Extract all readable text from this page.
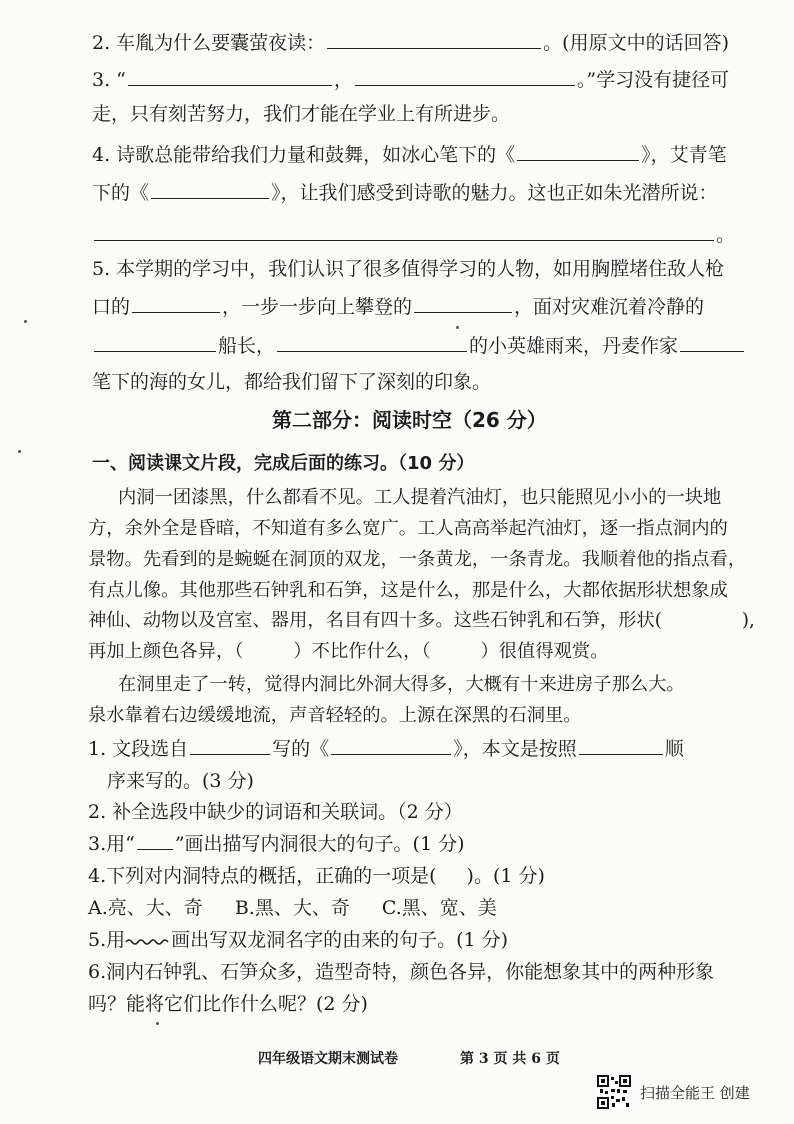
2. 车胤为什么要囊萤夜读：	。(用原文中的话回答)
3. “	，	。”学习没有捷径可
走，只有刻苦努力，我们才能在学业上有所进步。
4. 诗歌总能带给我们力量和鼓舞，如冰心笔下的《	》，艾青笔
下的《	》，让我们感受到诗歌的魅力。这也正如朱光潜所说：
。
5. 本学期的学习中，我们认识了很多值得学习的人物，如用胸膛堵住敌人枪
口的	，一步一步向上攀登的	，面对灾难沉着冷静的
船长，	的小英雄雨来，丹麦作家
笔下的海的女儿，都给我们留下了深刻的印象。
第二部分：阅读时空（26 分）
一、阅读课文片段，完成后面的练习。（10 分）
内洞一团漆黑，什么都看不见。工人提着汽油灯，也只能照见小小的一块地
方，余外全是昏暗，不知道有多么宽广。工人高高举起汽油灯，逐一指点洞内的
景物。先看到的是蜿蜒在洞顶的双龙，一条黄龙，一条青龙。我顺着他的指点看，
有点儿像。其他那些石钟乳和石笋，这是什么，那是什么，大都依据形状想象成
神仙、动物以及宫室、器用，名目有四十多。这些石钟乳和石笋，形状(	),
再加上颜色各异，（	）不比作什么，（	）很值得观赏。
在洞里走了一转，觉得内洞比外洞大得多，大概有十来进房子那么大。
泉水靠着右边缓缓地流，声音轻轻的。上源在深黑的石洞里。
1. 文段选自	写的《	》，本文是按照	顺
序来写的。(3 分)
2. 补全选段中缺少的词语和关联词。（2 分）
3.用“ ”画出描写内洞很大的句子。(1 分)
4.下列对内洞特点的概括，正确的一项是( )。(1 分)
A.亮、大、奇 B.黑、大、奇 C.黑、宽、美
5.用 画出写双龙洞名字的由来的句子。(1 分)
6.洞内石钟乳、石笋众多，造型奇特，颜色各异，你能想象其中的两种形象
吗？能将它们比作什么呢？(2 分)
四年级语文期末测试卷	第 3 页 共 6 页
扫描全能王 创建
